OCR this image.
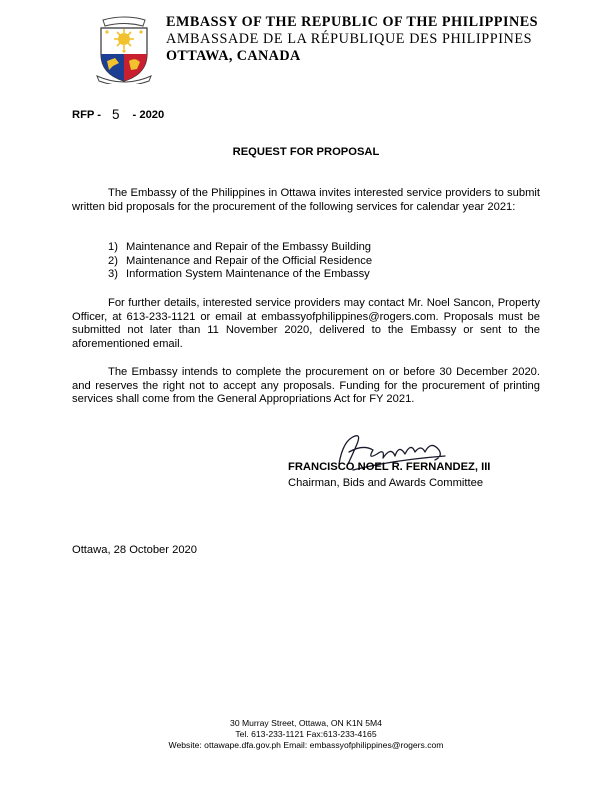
EMBASSY OF THE REPUBLIC OF THE PHILIPPINES
AMBASSADE DE LA RÉPUBLIQUE DES PHILIPPINES
OTTAWA, CANADA
RFP - 5 - 2020
REQUEST FOR PROPOSAL
The Embassy of the Philippines in Ottawa invites interested service providers to submit written bid proposals for the procurement of the following services for calendar year 2021:
1) Maintenance and Repair of the Embassy Building
2) Maintenance and Repair of the Official Residence
3) Information System Maintenance of the Embassy
For further details, interested service providers may contact Mr. Noel Sancon, Property Officer, at 613-233-1121 or email at embassyofphilippines@rogers.com. Proposals must be submitted not later than 11 November 2020, delivered to the Embassy or sent to the aforementioned email.
The Embassy intends to complete the procurement on or before 30 December 2020. and reserves the right not to accept any proposals. Funding for the procurement of printing services shall come from the General Appropriations Act for FY 2021.
FRANCISCO NOEL R. FERNANDEZ, III
Chairman, Bids and Awards Committee
Ottawa, 28 October 2020
30 Murray Street, Ottawa, ON K1N 5M4
Tel. 613-233-1121 Fax:613-233-4165
Website: ottawape.dfa.gov.ph Email: embassyofphilippines@rogers.com
